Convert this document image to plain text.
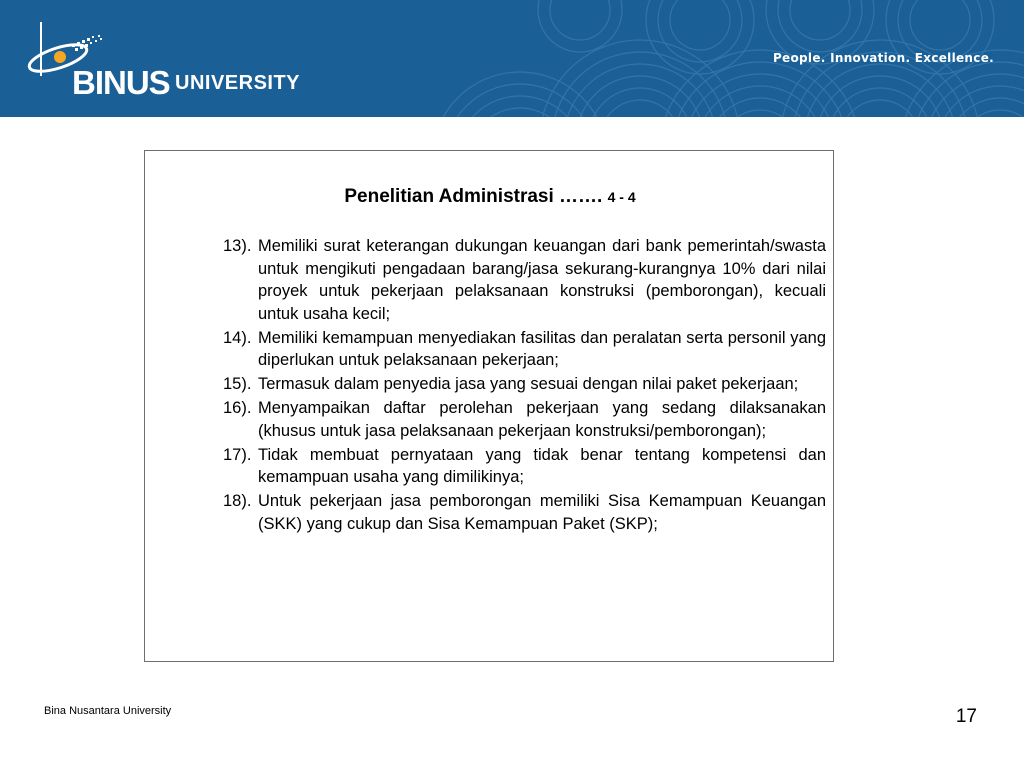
BINUS UNIVERSITY
People. Innovation. Excellence.
Penelitian Administrasi ……. 4 - 4
13). Memiliki surat keterangan dukungan keuangan dari bank pemerintah/swasta untuk mengikuti pengadaan barang/jasa sekurang-kurangnya 10% dari nilai proyek untuk pekerjaan pelaksanaan konstruksi (pemborongan), kecuali untuk usaha kecil;
14). Memiliki kemampuan menyediakan fasilitas dan peralatan serta personil yang diperlukan untuk pelaksanaan pekerjaan;
15). Termasuk dalam penyedia jasa yang sesuai dengan nilai paket pekerjaan;
16). Menyampaikan daftar perolehan pekerjaan yang sedang dilaksanakan (khusus untuk jasa pelaksanaan pekerjaan konstruksi/pemborongan);
17). Tidak membuat pernyataan yang tidak benar tentang kompetensi dan kemampuan usaha yang dimilikinya;
18). Untuk pekerjaan jasa pemborongan memiliki Sisa Kemampuan Keuangan (SKK) yang cukup dan Sisa Kemampuan Paket (SKP);
Bina Nusantara University	17
